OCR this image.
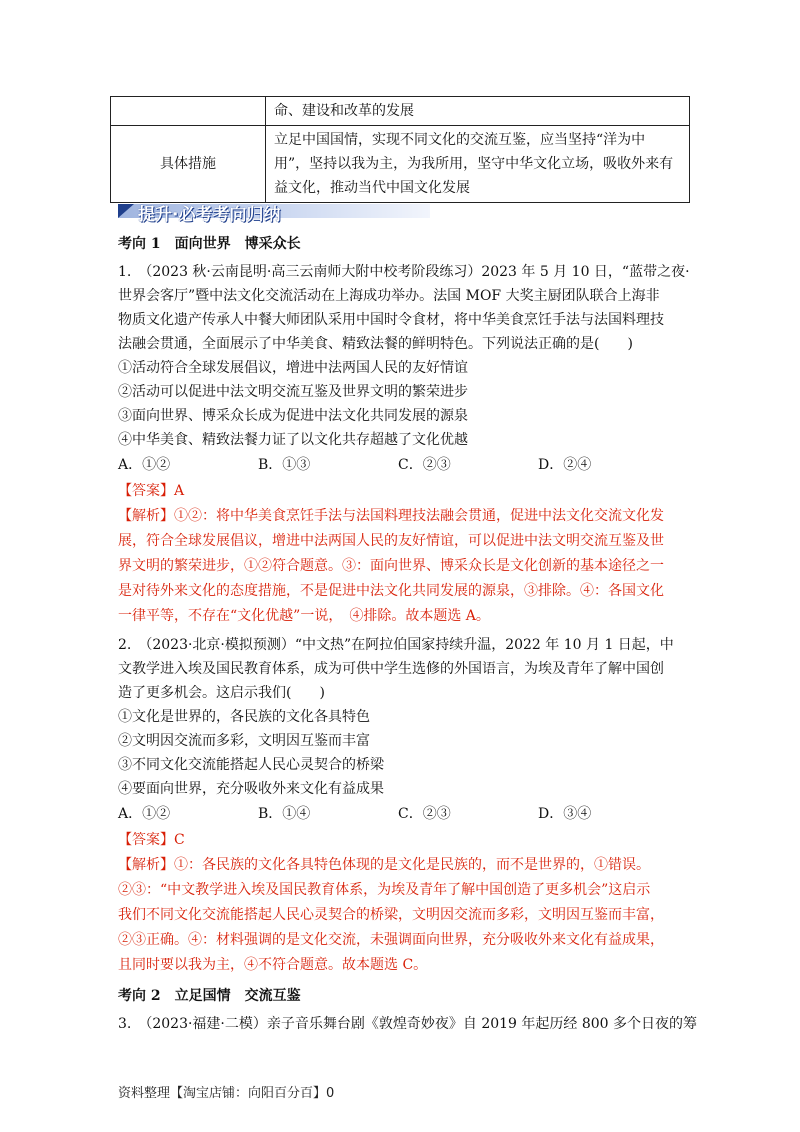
	命、建设和改革的发展
具体措施	立足中国国情，实现不同文化的交流互鉴，应当坚持“洋为中
用”，坚持以我为主，为我所用，坚守中华文化立场，吸收外来有
益文化，推动当代中国文化发展
提升·必考考向归纳
考向 1　面向世界　博采众长
1.　（2023 秋·云南昆明·高三云南师大附中校考阶段练习）2023 年 5 月 10 日，“蓝带之夜·
世界会客厅”暨中法文化交流活动在上海成功举办。法国 MOF 大奖主厨团队联合上海非
物质文化遗产传承人中餐大师团队采用中国时令食材，将中华美食烹饪手法与法国料理技
法融会贯通，全面展示了中华美食、精致法餐的鲜明特色。下列说法正确的是(　　)
①活动符合全球发展倡议，增进中法两国人民的友好情谊
②活动可以促进中法文明交流互鉴及世界文明的繁荣进步
③面向世界、博采众长成为促进中法文化共同发展的源泉
④中华美食、精致法餐力证了以文化共存超越了文化优越
A．①②	B．①③	C．②③	D．②④
【答案】A
【解析】①②：将中华美食烹饪手法与法国料理技法融会贯通，促进中法文化交流文化发
展，符合全球发展倡议，增进中法两国人民的友好情谊，可以促进中法文明交流互鉴及世
界文明的繁荣进步，①②符合题意。③：面向世界、博采众长是文化创新的基本途径之一
是对待外来文化的态度措施，不是促进中法文化共同发展的源泉，③排除。④：各国文化
一律平等，不存在“文化优越”一说，　④排除。故本题选 A。
2.　（2023·北京·模拟预测）“中文热”在阿拉伯国家持续升温，2022 年 10 月 1 日起，中
文教学进入埃及国民教育体系，成为可供中学生选修的外国语言，为埃及青年了解中国创
造了更多机会。这启示我们(　　)
①文化是世界的，各民族的文化各具特色
②文明因交流而多彩，文明因互鉴而丰富
③不同文化交流能搭起人民心灵契合的桥梁
④要面向世界，充分吸收外来文化有益成果
A．①②	B．①④	C．②③	D．③④
【答案】C
【解析】①：各民族的文化各具特色体现的是文化是民族的，而不是世界的，①错误。
②③：“中文教学进入埃及国民教育体系，为埃及青年了解中国创造了更多机会”这启示
我们不同文化交流能搭起人民心灵契合的桥梁，文明因交流而多彩，文明因互鉴而丰富，
②③正确。④：材料强调的是文化交流，未强调面向世界，充分吸收外来文化有益成果，
且同时要以我为主，④不符合题意。故本题选 C。
考向 2　立足国情　交流互鉴
3.　（2023·福建·二模）亲子音乐舞台剧《敦煌奇妙夜》自 2019 年起历经 800 多个日夜的筹
资料整理【淘宝店铺：向阳百分百】0
